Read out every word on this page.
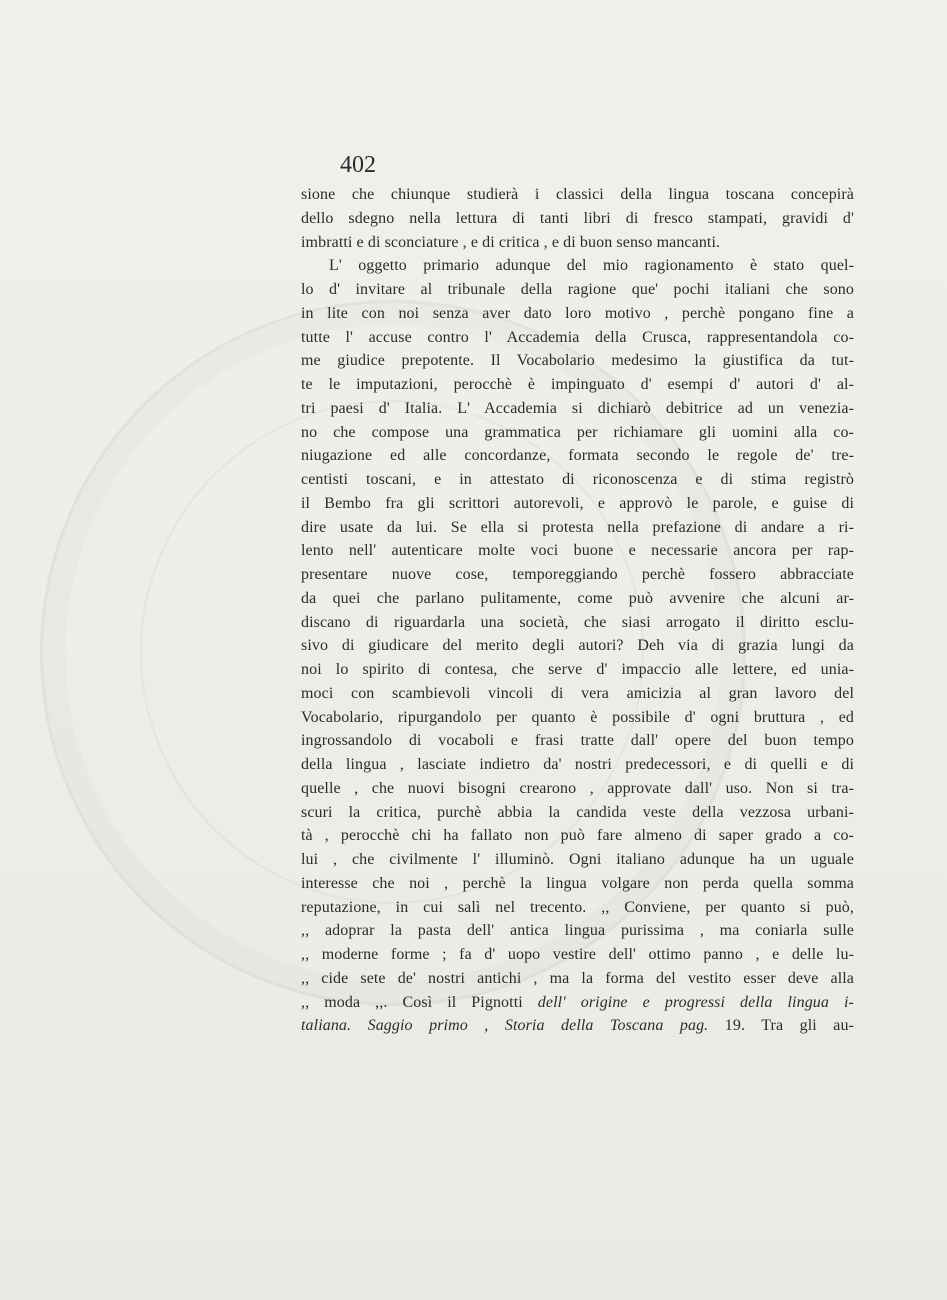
402
sione che chiunque studierà i classici della lingua toscana concepirà
dello sdegno nella lettura di tanti libri di fresco stampati, gravidi d'
imbratti e di sconciature , e di critica , e di buon senso mancanti.
L' oggetto primario adunque del mio ragionamento è stato quel-
lo d' invitare al tribunale della ragione que' pochi italiani che sono
in lite con noi senza aver dato loro motivo , perchè pongano fine a
tutte l' accuse contro l' Accademia della Crusca, rappresentandola co-
me giudice prepotente. Il Vocabolario medesimo la giustifica da tut-
te le imputazioni, perocchè è impinguato d' esempi d' autori d' al-
tri paesi d' Italia. L' Accademia si dichiarò debitrice ad un venezia-
no che compose una grammatica per richiamare gli uomini alla co-
niugazione ed alle concordanze, formata secondo le regole de' tre-
centisti toscani, e in attestato di riconoscenza e di stima registrò
il Bembo fra gli scrittori autorevoli, e approvò le parole, e guise di
dire usate da lui. Se ella si protesta nella prefazione di andare a ri-
lento nell' autenticare molte voci buone e necessarie ancora per rap-
presentare nuove cose, temporeggiando perchè fossero abbracciate
da quei che parlano pulitamente, come può avvenire che alcuni ar-
discano di riguardarla una società, che siasi arrogato il diritto esclu-
sivo di giudicare del merito degli autori? Deh via di grazia lungi da
noi lo spirito di contesa, che serve d' impaccio alle lettere, ed unia-
moci con scambievoli vincoli di vera amicizia al gran lavoro del
Vocabolario, ripurgandolo per quanto è possibile d' ogni bruttura , ed
ingrossandolo di vocaboli e frasi tratte dall' opere del buon tempo
della lingua , lasciate indietro da' nostri predecessori, e di quelli e di
quelle , che nuovi bisogni crearono , approvate dall' uso. Non si tra-
scuri la critica, purchè abbia la candida veste della vezzosa urbani-
tà , perocchè chi ha fallato non può fare almeno di saper grado a co-
lui , che civilmente l' illuminò. Ogni italiano adunque ha un uguale
interesse che noi , perchè la lingua volgare non perda quella somma
reputazione, in cui salì nel trecento. ,, Conviene, per quanto si può,
,, adoprar la pasta dell' antica lingua purissima , ma coniarla sulle
,, moderne forme ; fa d' uopo vestire dell' ottimo panno , e delle lu-
,, cide sete de' nostri antichi , ma la forma del vestito esser deve alla
,, moda ,,. Così il Pignotti dell' origine e progressi della lingua i-
taliana. Saggio primo , Storia della Toscana pag. 19. Tra gli au-
